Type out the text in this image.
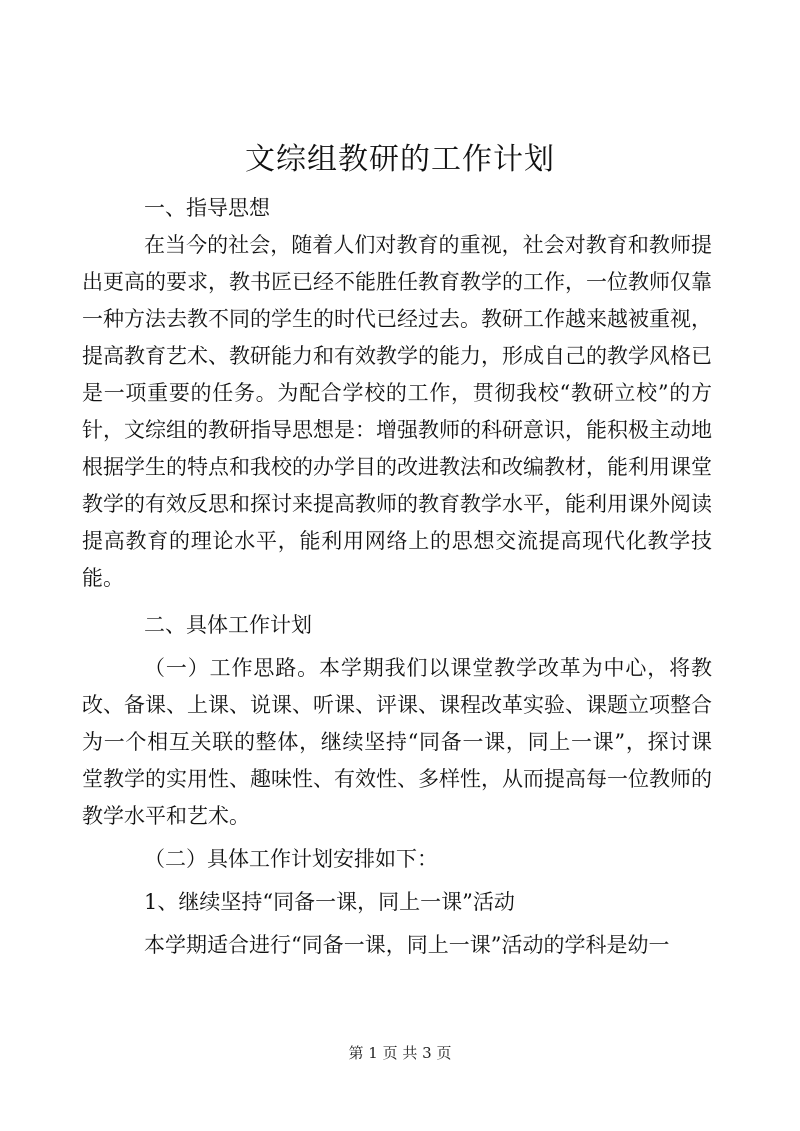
文综组教研的工作计划

一、指导思想

在当今的社会，随着人们对教育的重视，社会对教育和教师提出更高的要求，教书匠已经不能胜任教育教学的工作，一位教师仅靠一种方法去教不同的学生的时代已经过去。教研工作越来越被重视，提高教育艺术、教研能力和有效教学的能力，形成自己的教学风格已是一项重要的任务。为配合学校的工作，贯彻我校“教研立校”的方针，文综组的教研指导思想是：增强教师的科研意识，能积极主动地根据学生的特点和我校的办学目的改进教法和改编教材，能利用课堂教学的有效反思和探讨来提高教师的教育教学水平，能利用课外阅读提高教育的理论水平，能利用网络上的思想交流提高现代化教学技能。

二、具体工作计划

（一）工作思路。本学期我们以课堂教学改革为中心，将教改、备课、上课、说课、听课、评课、课程改革实验、课题立项整合为一个相互关联的整体，继续坚持“同备一课，同上一课”，探讨课堂教学的实用性、趣味性、有效性、多样性，从而提高每一位教师的教学水平和艺术。

（二）具体工作计划安排如下：

1、继续坚持“同备一课，同上一课”活动

本学期适合进行“同备一课，同上一课”活动的学科是幼一

第 1 页 共 3 页
